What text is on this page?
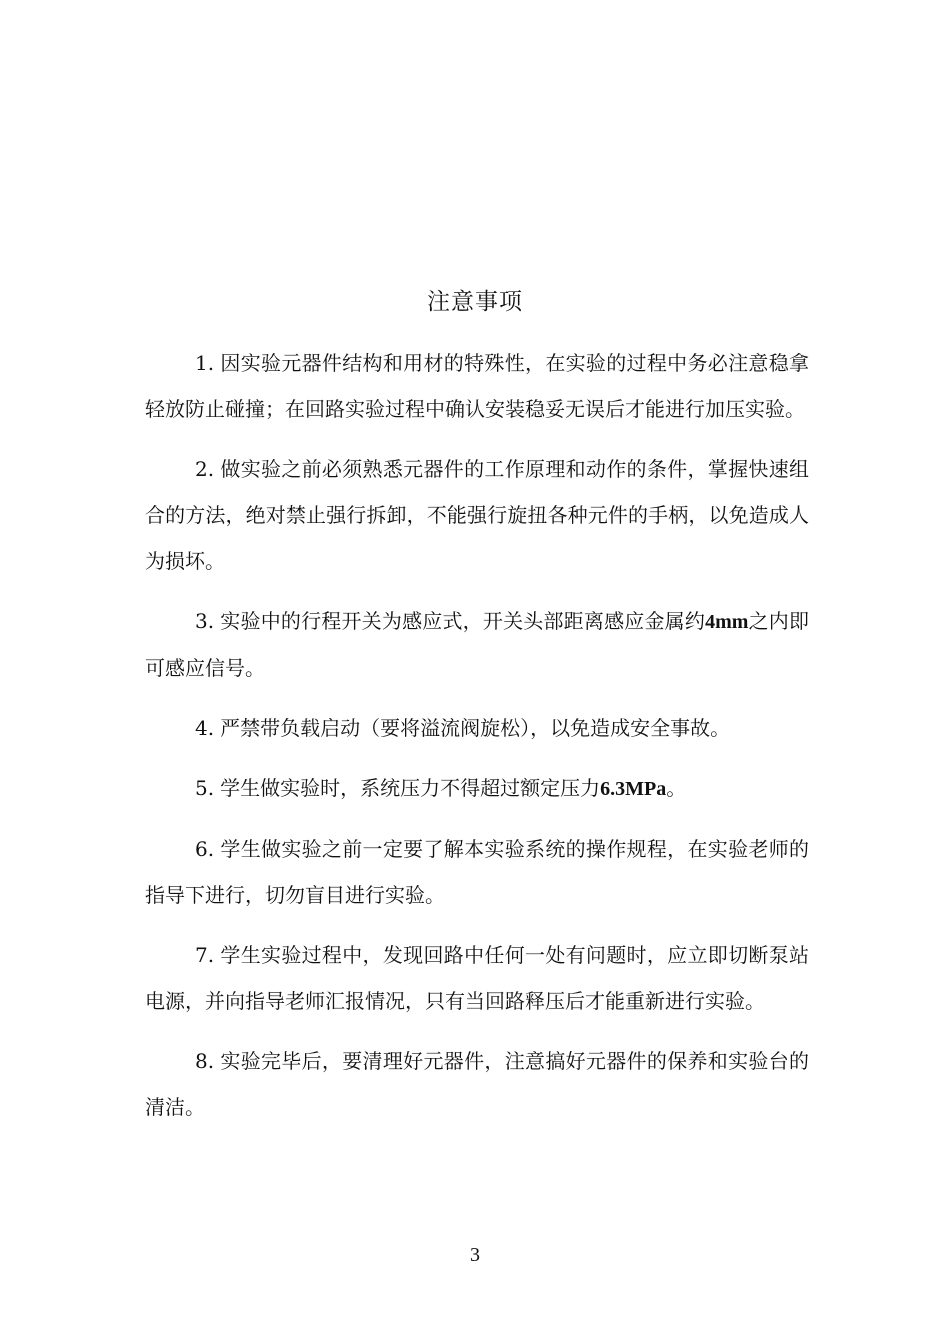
注意事项

1. 因实验元器件结构和用材的特殊性，在实验的过程中务必注意稳拿轻放防止碰撞；在回路实验过程中确认安装稳妥无误后才能进行加压实验。

2. 做实验之前必须熟悉元器件的工作原理和动作的条件，掌握快速组合的方法，绝对禁止强行拆卸，不能强行旋扭各种元件的手柄，以免造成人为损坏。

3. 实验中的行程开关为感应式，开关头部距离感应金属约4mm之内即可感应信号。

4. 严禁带负载启动（要将溢流阀旋松），以免造成安全事故。

5. 学生做实验时，系统压力不得超过额定压力6.3MPa。

6. 学生做实验之前一定要了解本实验系统的操作规程，在实验老师的指导下进行，切勿盲目进行实验。

7. 学生实验过程中，发现回路中任何一处有问题时，应立即切断泵站电源，并向指导老师汇报情况，只有当回路释压后才能重新进行实验。

8. 实验完毕后，要清理好元器件，注意搞好元器件的保养和实验台的清洁。

3
